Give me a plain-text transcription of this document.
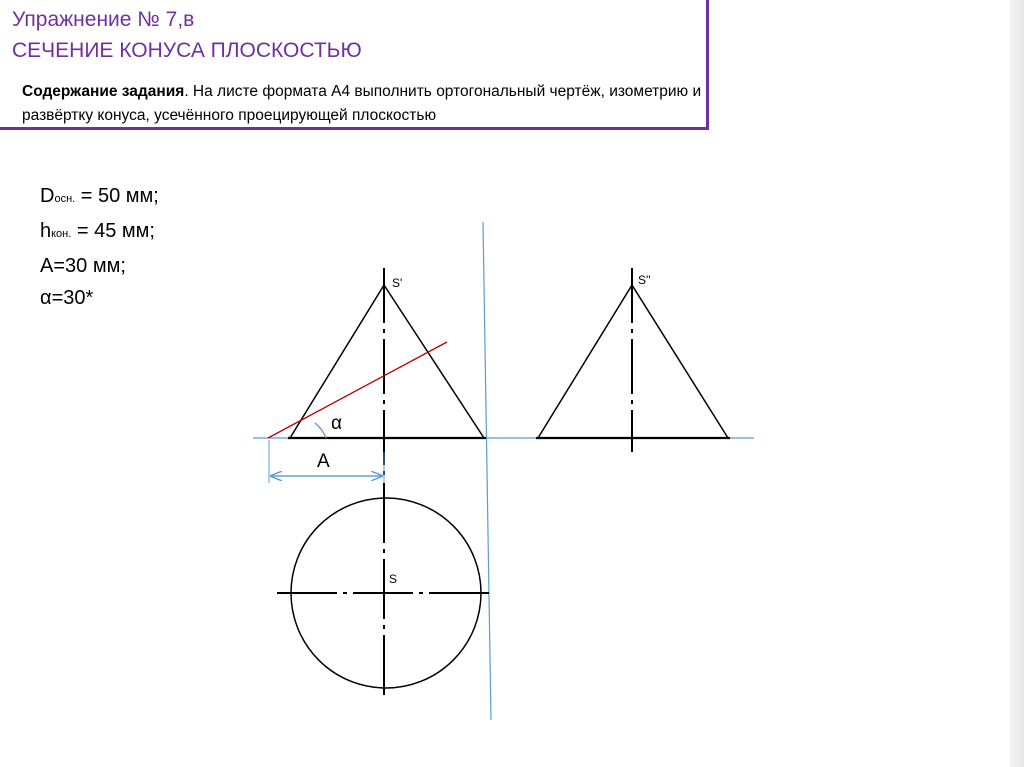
Упражнение № 7,в
СЕЧЕНИЕ КОНУСА ПЛОСКОСТЬЮ
Содержание задания. На листе формата А4 выполнить ортогональный чертёж, изометрию и развёртку конуса, усечённого проецирующей плоскостью
Dосн. = 50 мм;
hкон. = 45 мм;
А=30 мм;
α=30*
S'	S''
S
α
А
